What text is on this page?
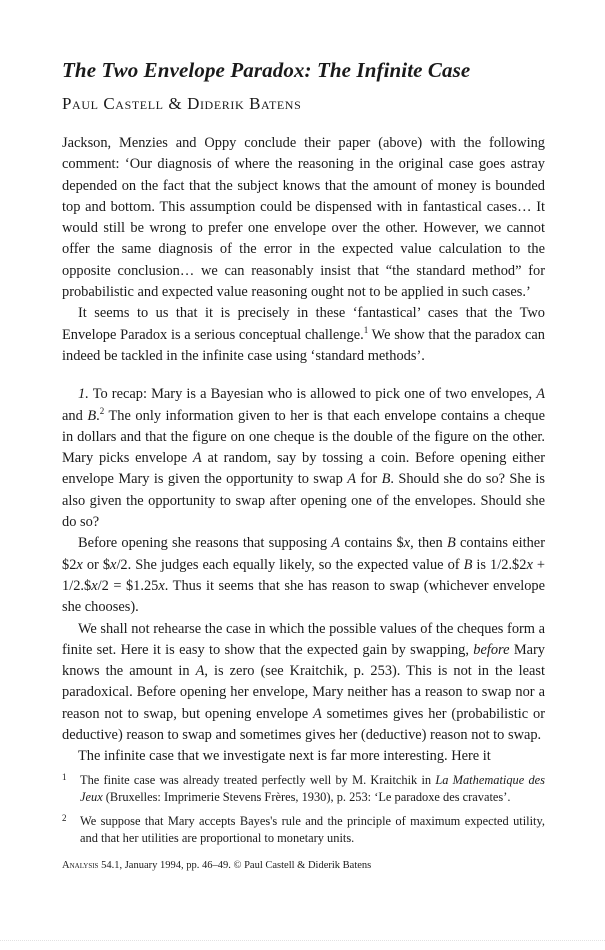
The Two Envelope Paradox: The Infinite Case
Paul Castell & Diderik Batens

Jackson, Menzies and Oppy conclude their paper (above) with the following comment: ‘Our diagnosis of where the reasoning in the original case goes astray depended on the fact that the subject knows that the amount of money is bounded top and bottom. This assumption could be dispensed with in fantastical cases… It would still be wrong to prefer one envelope over the other. However, we cannot offer the same diagnosis of the error in the expected value calculation to the opposite conclusion… we can reasonably insist that “the standard method” for probabilistic and expected value reasoning ought not to be applied in such cases.’

It seems to us that it is precisely in these ‘fantastical’ cases that the Two Envelope Paradox is a serious conceptual challenge.$^1$ We show that the paradox can indeed be tackled in the infinite case using ‘standard methods’.

1. To recap: Mary is a Bayesian who is allowed to pick one of two envelopes, A and B.$^2$ The only information given to her is that each envelope contains a cheque in dollars and that the figure on one cheque is the double of the figure on the other. Mary picks envelope A at random, say by tossing a coin. Before opening either envelope Mary is given the opportunity to swap A for B. Should she do so? She is also given the opportunity to swap after opening one of the envelopes. Should she do so?

Before opening she reasons that supposing A contains $x, then B contains either $2x or $x/2. She judges each equally likely, so the expected value of B is 1/2.$2x + 1/2.$x/2 = $1.25x. Thus it seems that she has reason to swap (whichever envelope she chooses).

We shall not rehearse the case in which the possible values of the cheques form a finite set. Here it is easy to show that the expected gain by swapping, before Mary knows the amount in A, is zero (see Kraitchik, p. 253). This is not in the least paradoxical. Before opening her envelope, Mary neither has a reason to swap nor a reason not to swap, but opening envelope A sometimes gives her (probabilistic or deductive) reason to swap and sometimes gives her (deductive) reason not to swap.

The infinite case that we investigate next is far more interesting. Here it

1 The finite case was already treated perfectly well by M. Kraitchik in La Mathematique des Jeux (Bruxelles: Imprimerie Stevens Frères, 1930), p. 253: ‘Le paradoxe des cravates’.

2 We suppose that Mary accepts Bayes's rule and the principle of maximum expected utility, and that her utilities are proportional to monetary units.

Analysis 54.1, January 1994, pp. 46–49. © Paul Castell & Diderik Batens
